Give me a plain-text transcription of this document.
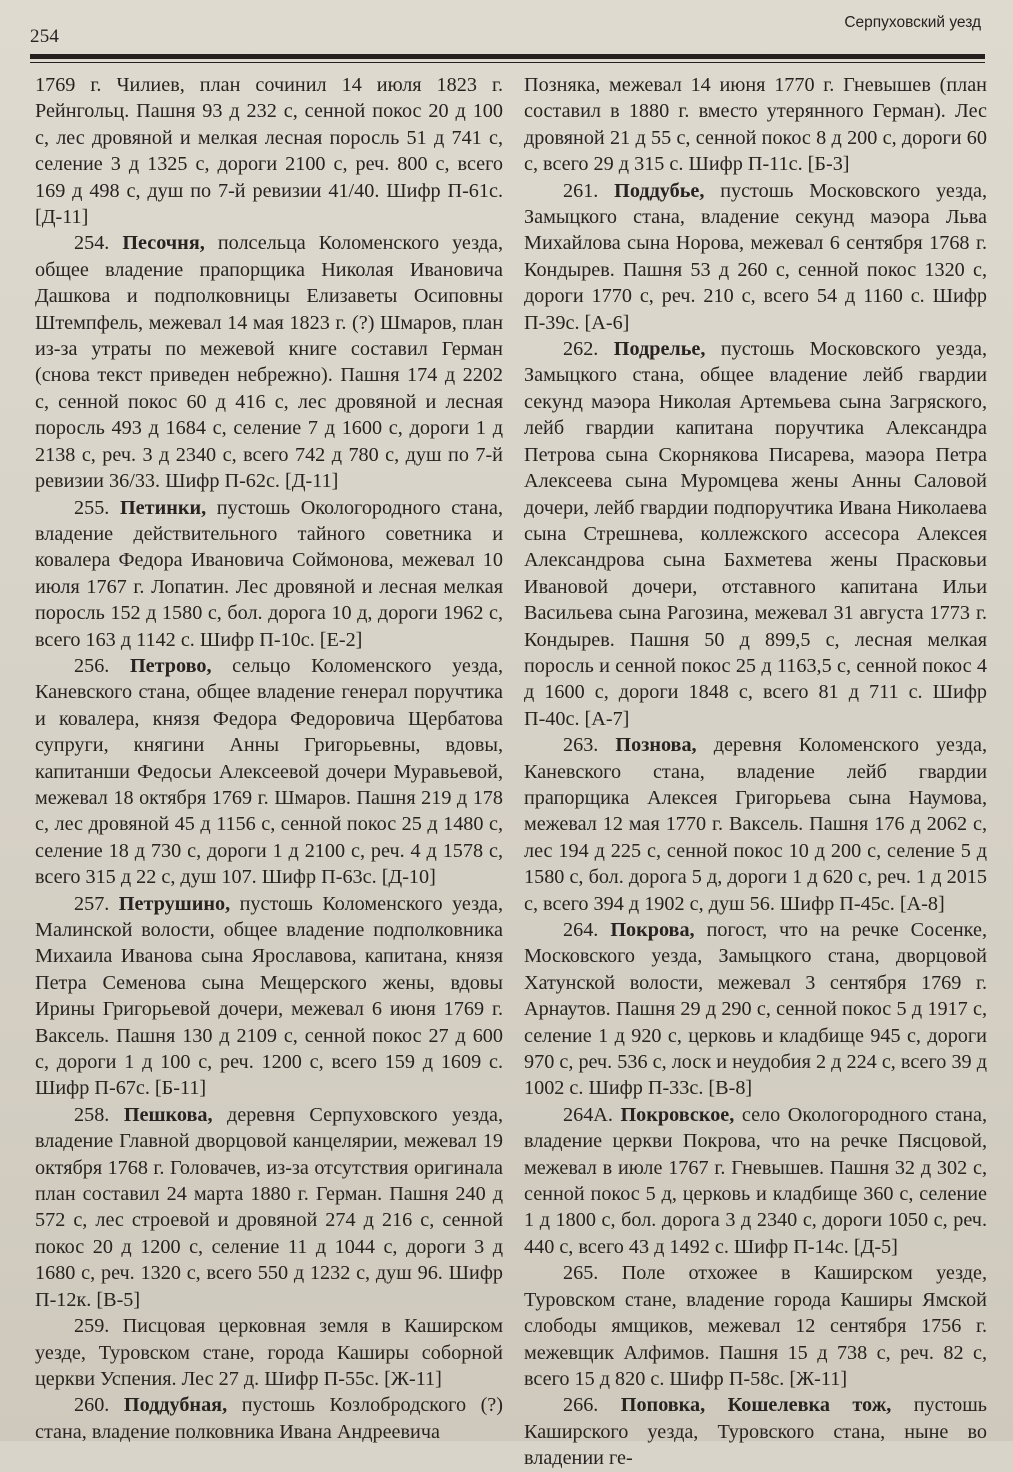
254
Серпуховский уезд

1769 г. Чилиев, план сочинил 14 июля 1823 г. Рейнгольц. Пашня 93 д 232 с, сенной покос 20 д 100 с, лес дровяной и мелкая лесная поросль 51 д 741 с, селение 3 д 1325 с, дороги 2100 с, реч. 800 с, всего 169 д 498 с, душ по 7-й ревизии 41/40. Шифр П-61с. [Д-11]

254. Песочня, полсельца Коломенского уезда, общее владение прапорщика Николая Ивановича Дашкова и подполковницы Елизаветы Осиповны Штемпфель, межевал 14 мая 1823 г. (?) Шмаров, план из-за утраты по межевой книге составил Герман (снова текст приведен небрежно). Пашня 174 д 2202 с, сенной покос 60 д 416 с, лес дровяной и лесная поросль 493 д 1684 с, селение 7 д 1600 с, дороги 1 д 2138 с, реч. 3 д 2340 с, всего 742 д 780 с, душ по 7-й ревизии 36/33. Шифр П-62с. [Д-11]

255. Петинки, пустошь Окологородного стана, владение действительного тайного советника и ковалера Федора Ивановича Соймонова, межевал 10 июля 1767 г. Лопатин. Лес дровяной и лесная мелкая поросль 152 д 1580 с, бол. дорога 10 д, дороги 1962 с, всего 163 д 1142 с. Шифр П-10с. [Е-2]

256. Петрово, сельцо Коломенского уезда, Каневского стана, общее владение генерал поручтика и ковалера, князя Федора Федоровича Щербатова супруги, княгини Анны Григорьевны, вдовы, капитанши Федосьи Алексеевой дочери Муравьевой, межевал 18 октября 1769 г. Шмаров. Пашня 219 д 178 с, лес дровяной 45 д 1156 с, сенной покос 25 д 1480 с, селение 18 д 730 с, дороги 1 д 2100 с, реч. 4 д 1578 с, всего 315 д 22 с, душ 107. Шифр П-63с. [Д-10]

257. Петрушино, пустошь Коломенского уезда, Малинской волости, общее владение подполковника Михаила Иванова сына Ярославова, капитана, князя Петра Семенова сына Мещерского жены, вдовы Ирины Григорьевой дочери, межевал 6 июня 1769 г. Ваксель. Пашня 130 д 2109 с, сенной покос 27 д 600 с, дороги 1 д 100 с, реч. 1200 с, всего 159 д 1609 с. Шифр П-67с. [Б-11]

258. Пешкова, деревня Серпуховского уезда, владение Главной дворцовой канцелярии, межевал 19 октября 1768 г. Головачев, из-за отсутствия оригинала план составил 24 марта 1880 г. Герман. Пашня 240 д 572 с, лес строевой и дровяной 274 д 216 с, сенной покос 20 д 1200 с, селение 11 д 1044 с, дороги 3 д 1680 с, реч. 1320 с, всего 550 д 1232 с, душ 96. Шифр П-12к. [В-5]

259. Писцовая церковная земля в Каширском уезде, Туровском стане, города Каширы соборной церкви Успения. Лес 27 д. Шифр П-55с. [Ж-11]

260. Поддубная, пустошь Козлобродского (?) стана, владение полковника Ивана Андреевича

Позняка, межевал 14 июня 1770 г. Гневышев (план составил в 1880 г. вместо утерянного Герман). Лес дровяной 21 д 55 с, сенной покос 8 д 200 с, дороги 60 с, всего 29 д 315 с. Шифр П-11с. [Б-3]

261. Поддубье, пустошь Московского уезда, Замыцкого стана, владение секунд маэора Льва Михайлова сына Норова, межевал 6 сентября 1768 г. Кондырев. Пашня 53 д 260 с, сенной покос 1320 с, дороги 1770 с, реч. 210 с, всего 54 д 1160 с. Шифр П-39с. [А-6]

262. Подрелье, пустошь Московского уезда, Замыцкого стана, общее владение лейб гвардии секунд маэора Николая Артемьева сына Загряского, лейб гвардии капитана поручтика Александра Петрова сына Скорнякова Писарева, маэора Петра Алексеева сына Муромцева жены Анны Саловой дочери, лейб гвардии подпоручтика Ивана Николаева сына Стрешнева, коллежского ассесора Алексея Александрова сына Бахметева жены Прасковьи Ивановой дочери, отставного капитана Ильи Васильева сына Рагозина, межевал 31 августа 1773 г. Кондырев. Пашня 50 д 899,5 с, лесная мелкая поросль и сенной покос 25 д 1163,5 с, сенной покос 4 д 1600 с, дороги 1848 с, всего 81 д 711 с. Шифр П-40с. [А-7]

263. Познова, деревня Коломенского уезда, Каневского стана, владение лейб гвардии прапорщика Алексея Григорьева сына Наумова, межевал 12 мая 1770 г. Ваксель. Пашня 176 д 2062 с, лес 194 д 225 с, сенной покос 10 д 200 с, селение 5 д 1580 с, бол. дорога 5 д, дороги 1 д 620 с, реч. 1 д 2015 с, всего 394 д 1902 с, душ 56. Шифр П-45с. [А-8]

264. Покрова, погост, что на речке Сосенке, Московского уезда, Замыцкого стана, дворцовой Хатунской волости, межевал 3 сентября 1769 г. Арнаутов. Пашня 29 д 290 с, сенной покос 5 д 1917 с, селение 1 д 920 с, церковь и кладбище 945 с, дороги 970 с, реч. 536 с, лоск и неудобия 2 д 224 с, всего 39 д 1002 с. Шифр П-33с. [В-8]

264А. Покровское, село Окологородного стана, владение церкви Покрова, что на речке Пясцовой, межевал в июле 1767 г. Гневышев. Пашня 32 д 302 с, сенной покос 5 д, церковь и кладбище 360 с, селение 1 д 1800 с, бол. дорога 3 д 2340 с, дороги 1050 с, реч. 440 с, всего 43 д 1492 с. Шифр П-14с. [Д-5]

265. Поле отхожее в Каширском уезде, Туровском стане, владение города Каширы Ямской слободы ямщиков, межевал 12 сентября 1756 г. межевщик Алфимов. Пашня 15 д 738 с, реч. 82 с, всего 15 д 820 с. Шифр П-58с. [Ж-11]

266. Поповка, Кошелевка тож, пустошь Каширского уезда, Туровского стана, ныне во владении ге-
